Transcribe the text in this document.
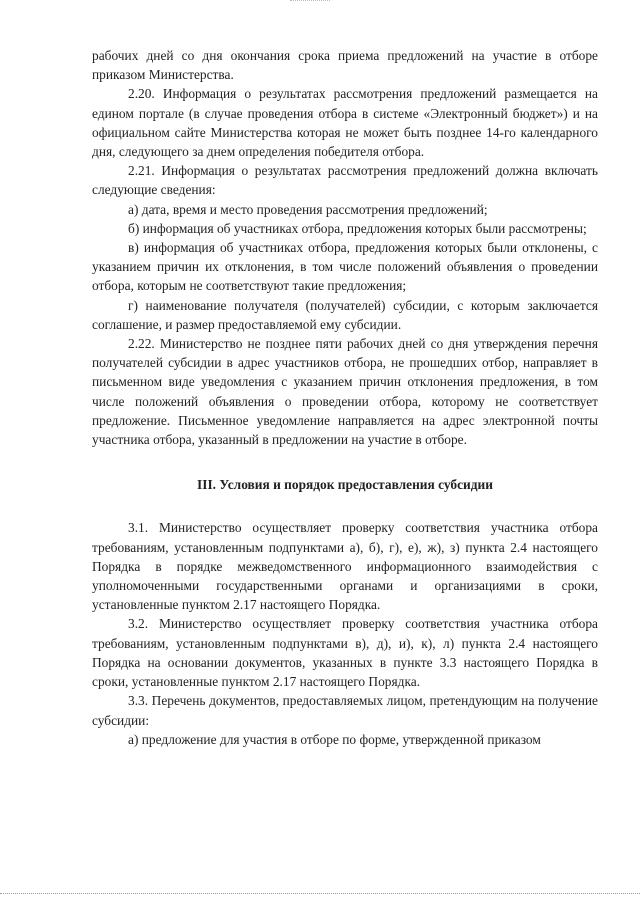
рабочих дней со дня окончания срока приема предложений на участие в отборе приказом Министерства.

2.20. Информация о результатах рассмотрения предложений размещается на едином портале (в случае проведения отбора в системе «Электронный бюджет») и на официальном сайте Министерства которая не может быть позднее 14-го календарного дня, следующего за днем определения победителя отбора.

2.21. Информация о результатах рассмотрения предложений должна включать следующие сведения:

а) дата, время и место проведения рассмотрения предложений;

б) информация об участниках отбора, предложения которых были рассмотрены;

в) информация об участниках отбора, предложения которых были отклонены, с указанием причин их отклонения, в том числе положений объявления о проведении отбора, которым не соответствуют такие предложения;

г) наименование получателя (получателей) субсидии, с которым заключается соглашение, и размер предоставляемой ему субсидии.

2.22. Министерство не позднее пяти рабочих дней со дня утверждения перечня получателей субсидии в адрес участников отбора, не прошедших отбор, направляет в письменном виде уведомления с указанием причин отклонения предложения, в том числе положений объявления о проведении отбора, которому не соответствует предложение. Письменное уведомление направляется на адрес электронной почты участника отбора, указанный в предложении на участие в отборе.

III. Условия и порядок предоставления субсидии

3.1. Министерство осуществляет проверку соответствия участника отбора требованиям, установленным подпунктами а), б), г), е), ж), з) пункта 2.4 настоящего Порядка в порядке межведомственного информационного взаимодействия с уполномоченными государственными органами и организациями в сроки, установленные пунктом 2.17 настоящего Порядка.

3.2. Министерство осуществляет проверку соответствия участника отбора требованиям, установленным подпунктами в), д), и), к), л) пункта 2.4 настоящего Порядка на основании документов, указанных в пункте 3.3 настоящего Порядка в сроки, установленные пунктом 2.17 настоящего Порядка.

3.3. Перечень документов, предоставляемых лицом, претендующим на получение субсидии:

а) предложение для участия в отборе по форме, утвержденной приказом
